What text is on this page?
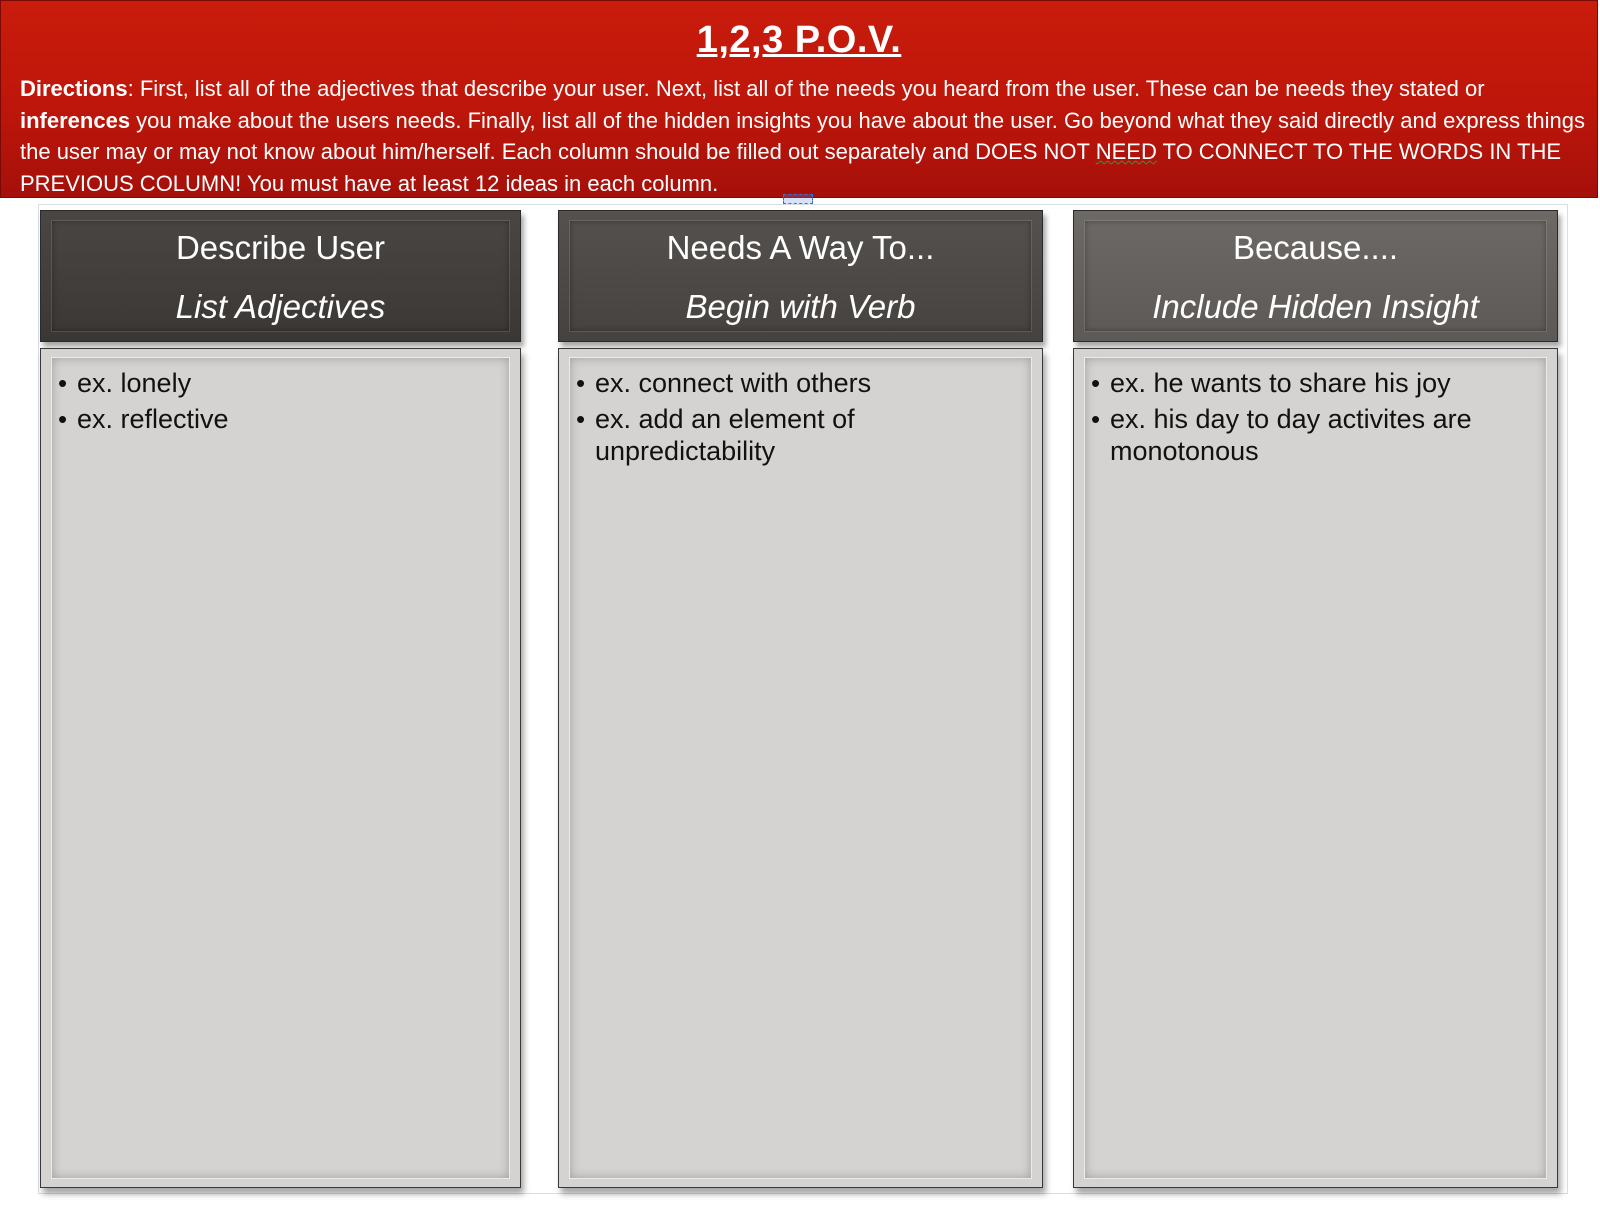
1,2,3 P.O.V.
Directions: First, list all of the adjectives that describe your user. Next, list all of the needs you heard from the user. These can be needs they stated or inferences you make about the users needs. Finally, list all of the hidden insights you have about the user. Go beyond what they said directly and express things the user may or may not know about him/herself. Each column should be filled out separately and DOES NOT NEED TO CONNECT TO THE WORDS IN THE PREVIOUS COLUMN! You must have at least 12 ideas in each column.
Describe User
List Adjectives
• ex. lonely
• ex. reflective
Needs A Way To...
Begin with Verb
• ex. connect with others
• ex. add an element of unpredictability
Because....
Include Hidden Insight
• ex. he wants to share his joy
• ex. his day to day activites are monotonous
